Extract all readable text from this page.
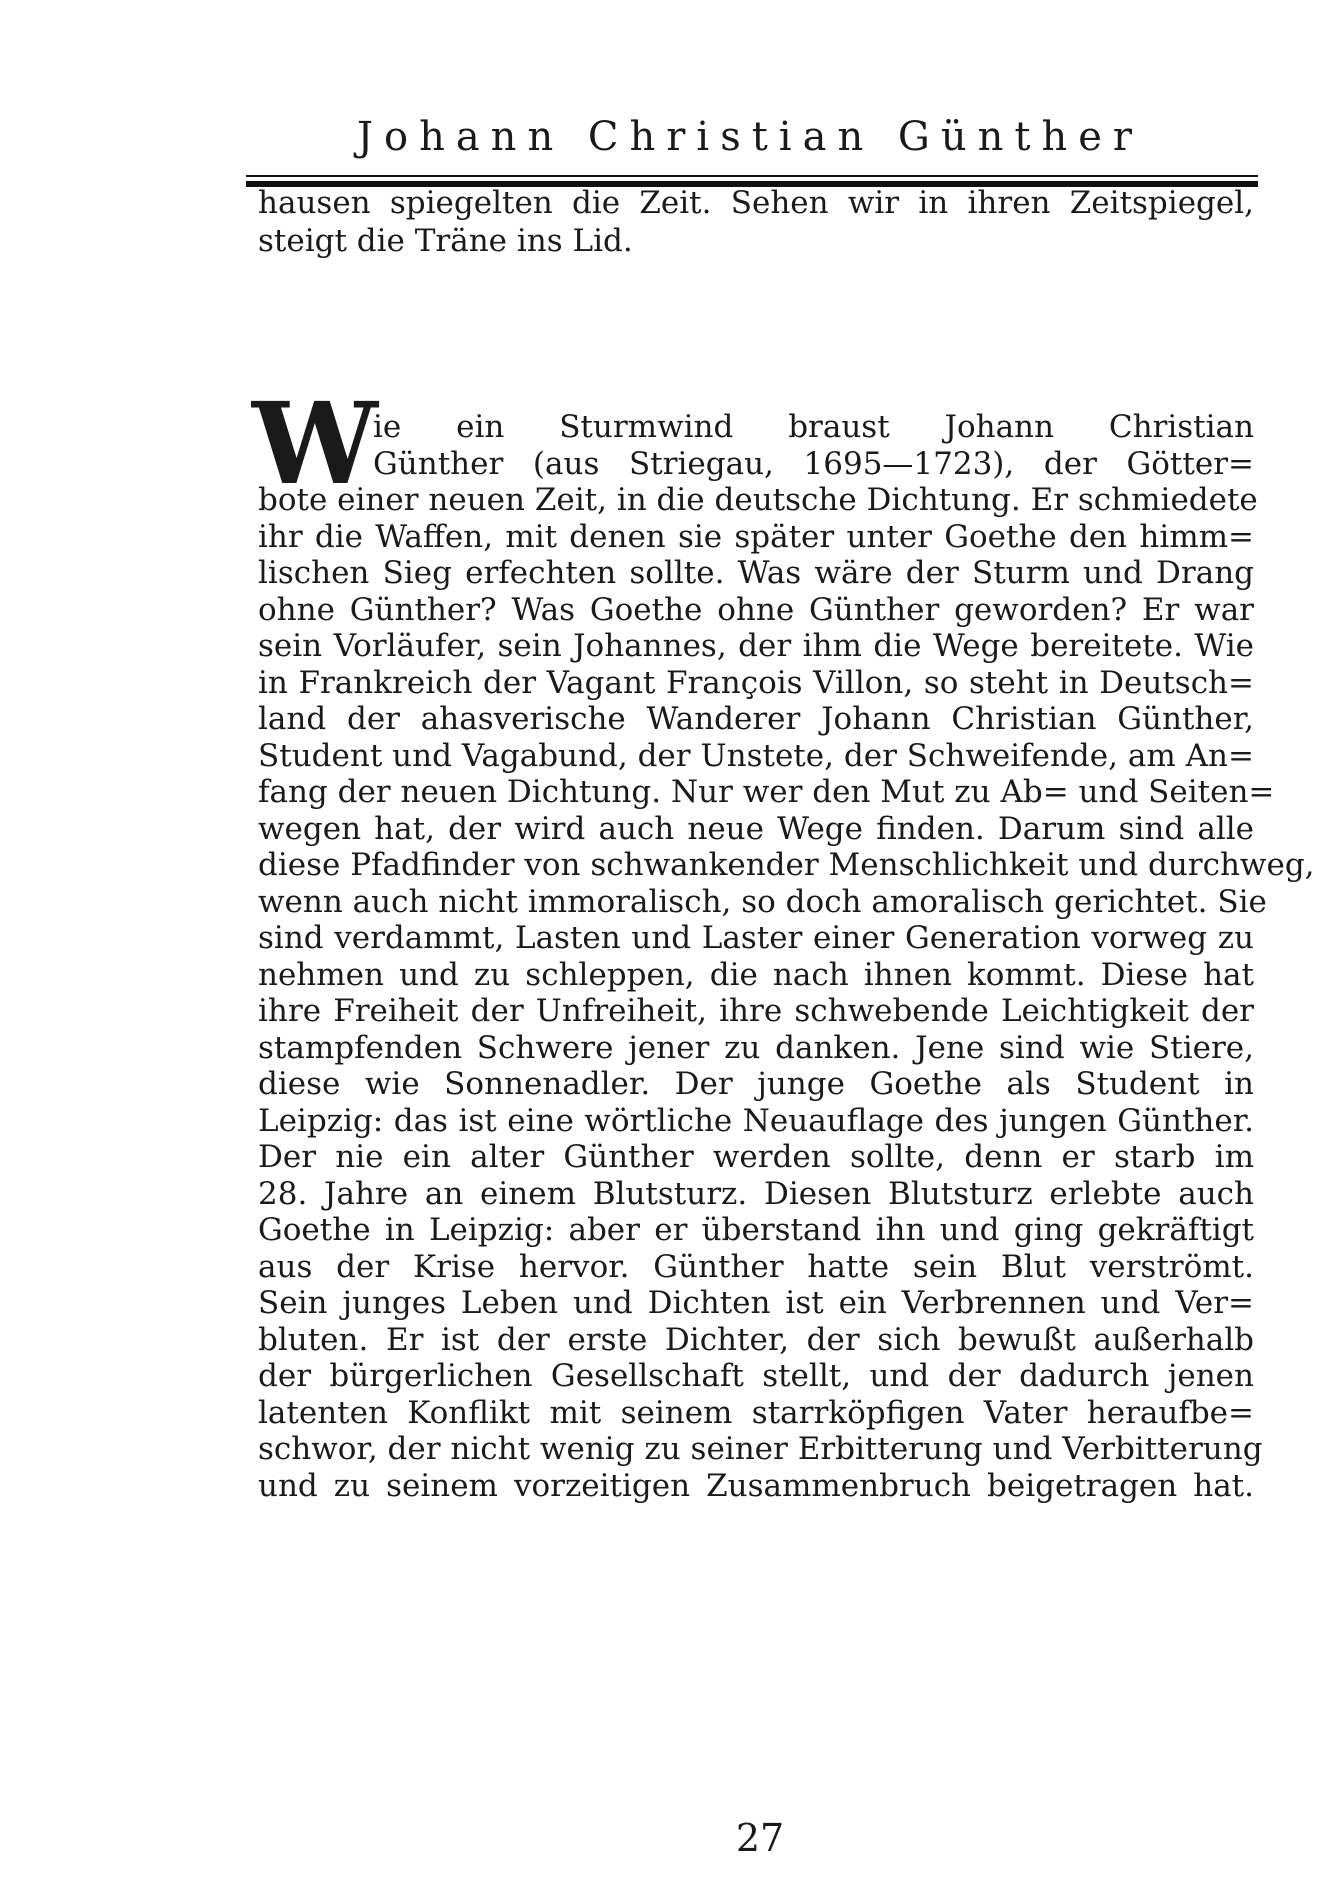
Johann Christian Günther
hausen spiegelten die Zeit. Sehen wir in ihren Zeitspiegel,
steigt die Träne ins Lid.
W
ie ein Sturmwind braust Johann Christian
Günther (aus Striegau, 1695—1723), der Götter=
bote einer neuen Zeit, in die deutsche Dichtung. Er schmiedete
ihr die Waffen, mit denen sie später unter Goethe den himm=
lischen Sieg erfechten sollte. Was wäre der Sturm und Drang
ohne Günther? Was Goethe ohne Günther geworden? Er war
sein Vorläufer, sein Johannes, der ihm die Wege bereitete. Wie
in Frankreich der Vagant François Villon, so steht in Deutsch=
land der ahasverische Wanderer Johann Christian Günther,
Student und Vagabund, der Unstete, der Schweifende, am An=
fang der neuen Dichtung. Nur wer den Mut zu Ab= und Seiten=
wegen hat, der wird auch neue Wege finden. Darum sind alle
diese Pfadfinder von schwankender Menschlichkeit und durchweg,
wenn auch nicht immoralisch, so doch amoralisch gerichtet. Sie
sind verdammt, Lasten und Laster einer Generation vorweg zu
nehmen und zu schleppen, die nach ihnen kommt. Diese hat
ihre Freiheit der Unfreiheit, ihre schwebende Leichtigkeit der
stampfenden Schwere jener zu danken. Jene sind wie Stiere,
diese wie Sonnenadler. Der junge Goethe als Student in
Leipzig: das ist eine wörtliche Neuauflage des jungen Günther.
Der nie ein alter Günther werden sollte, denn er starb im
28. Jahre an einem Blutsturz. Diesen Blutsturz erlebte auch
Goethe in Leipzig: aber er überstand ihn und ging gekräftigt
aus der Krise hervor. Günther hatte sein Blut verströmt.
Sein junges Leben und Dichten ist ein Verbrennen und Ver=
bluten. Er ist der erste Dichter, der sich bewußt außerhalb
der bürgerlichen Gesellschaft stellt, und der dadurch jenen
latenten Konflikt mit seinem starrköpfigen Vater heraufbe=
schwor, der nicht wenig zu seiner Erbitterung und Verbitterung
und zu seinem vorzeitigen Zusammenbruch beigetragen hat.
27
